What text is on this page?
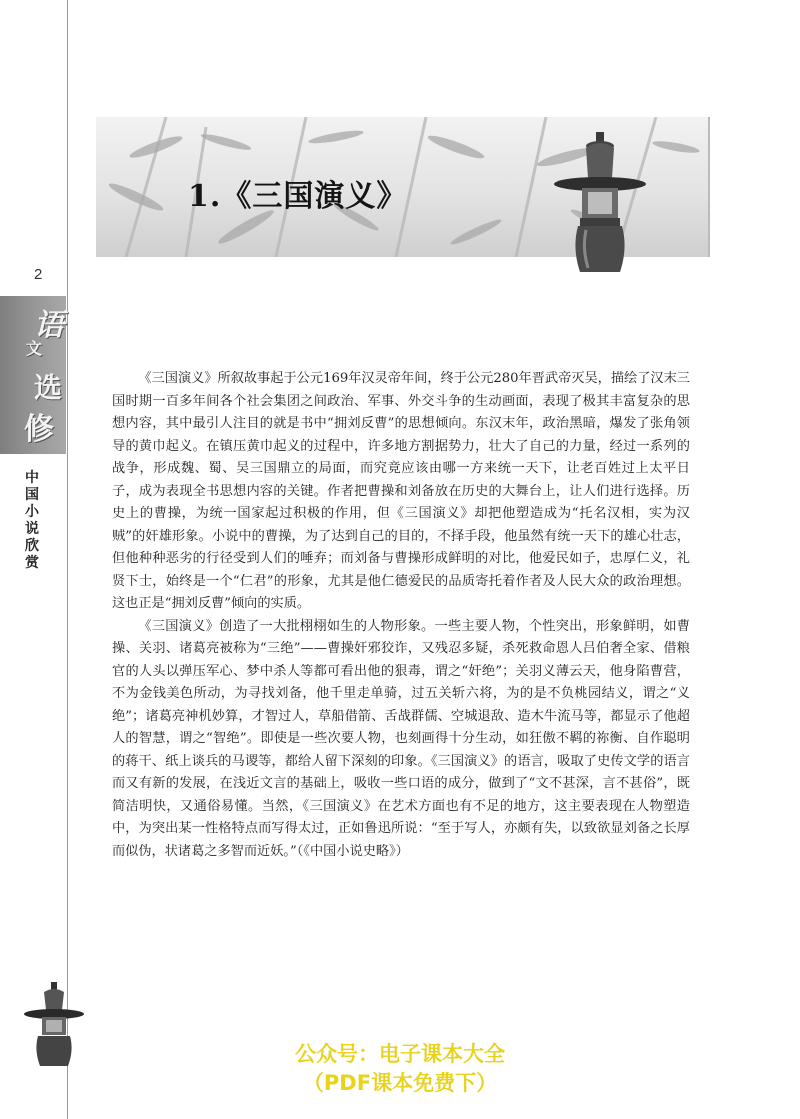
1.《三国演义》
2
语
文
选
修
中
国
小
说
欣
赏

《三国演义》所叙故事起于公元169年汉灵帝年间，终于公元280年晋武帝灭吴，描绘了汉末三国时期一百多年间各个社会集团之间政治、军事、外交斗争的生动画面，表现了极其丰富复杂的思想内容，其中最引人注目的就是书中“拥刘反曹”的思想倾向。东汉末年，政治黑暗，爆发了张角领导的黄巾起义。在镇压黄巾起义的过程中，许多地方割据势力，壮大了自己的力量，经过一系列的战争，形成魏、蜀、吴三国鼎立的局面，而究竟应该由哪一方来统一天下，让老百姓过上太平日子，成为表现全书思想内容的关键。作者把曹操和刘备放在历史的大舞台上，让人们进行选择。历史上的曹操，为统一国家起过积极的作用，但《三国演义》却把他塑造成为“托名汉相，实为汉贼”的奸雄形象。小说中的曹操，为了达到自己的目的，不择手段，他虽然有统一天下的雄心壮志，但他种种恶劣的行径受到人们的唾弃；而刘备与曹操形成鲜明的对比，他爱民如子，忠厚仁义，礼贤下士，始终是一个“仁君”的形象，尤其是他仁德爱民的品质寄托着作者及人民大众的政治理想。这也正是“拥刘反曹”倾向的实质。

《三国演义》创造了一大批栩栩如生的人物形象。一些主要人物，个性突出，形象鲜明，如曹操、关羽、诸葛亮被称为“三绝”——曹操奸邪狡诈，又残忍多疑，杀死救命恩人吕伯奢全家、借粮官的人头以弹压军心、梦中杀人等都可看出他的狠毒，谓之“奸绝”；关羽义薄云天，他身陷曹营，不为金钱美色所动，为寻找刘备，他千里走单骑，过五关斩六将，为的是不负桃园结义，谓之“义绝”；诸葛亮神机妙算，才智过人，草船借箭、舌战群儒、空城退敌、造木牛流马等，都显示了他超人的智慧，谓之“智绝”。即使是一些次要人物，也刻画得十分生动，如狂傲不羁的祢衡、自作聪明的蒋干、纸上谈兵的马谡等，都给人留下深刻的印象。《三国演义》的语言，吸取了史传文学的语言而又有新的发展，在浅近文言的基础上，吸收一些口语的成分，做到了“文不甚深，言不甚俗”，既简洁明快，又通俗易懂。当然，《三国演义》在艺术方面也有不足的地方，这主要表现在人物塑造中，为突出某一性格特点而写得太过，正如鲁迅所说：“至于写人，亦颇有失，以致欲显刘备之长厚而似伪，状诸葛之多智而近妖。”（《中国小说史略》）

公众号：电子课本大全
（PDF课本免费下）
